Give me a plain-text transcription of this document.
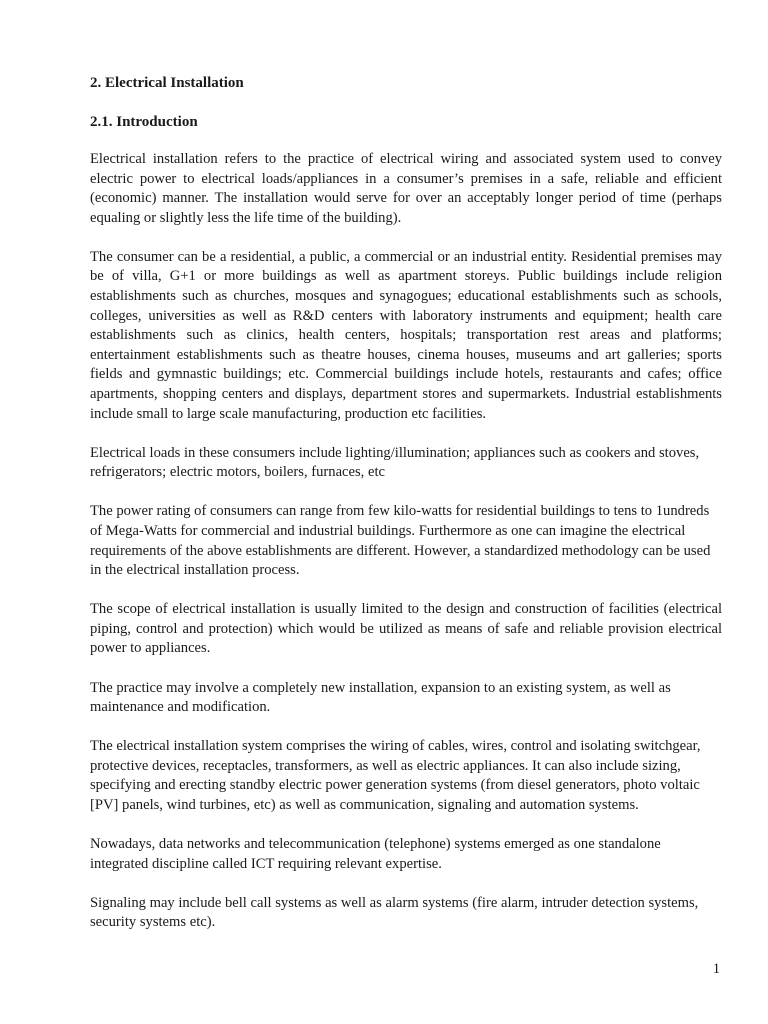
2. Electrical Installation

2.1. Introduction

Electrical installation refers to the practice of electrical wiring and associated system used to convey electric power to electrical loads/appliances in a consumer’s premises in a safe, reliable and efficient (economic) manner. The installation would serve for over an acceptably longer period of time (perhaps equaling or slightly less the life time of the building).

The consumer can be a residential, a public, a commercial or an industrial entity. Residential premises may be of villa, G+1 or more buildings as well as apartment storeys. Public buildings include religion establishments such as churches, mosques and synagogues; educational establishments such as schools, colleges, universities as well as R&D centers with laboratory instruments and equipment; health care establishments such as clinics, health centers, hospitals; transportation rest areas and platforms; entertainment establishments such as theatre houses, cinema houses, museums and art galleries; sports fields and gymnastic buildings; etc. Commercial buildings include hotels, restaurants and cafes; office apartments, shopping centers and displays, department stores and supermarkets. Industrial establishments include small to large scale manufacturing, production etc facilities.

Electrical loads in these consumers include lighting/illumination; appliances such as cookers and stoves, refrigerators; electric motors, boilers, furnaces, etc

The power rating of consumers can range from few kilo-watts for residential buildings to tens to 1undreds of Mega-Watts for commercial and industrial buildings. Furthermore as one can imagine the electrical requirements of the above establishments are different. However, a standardized methodology can be used in the electrical installation process.

The scope of electrical installation is usually limited to the design and construction of facilities (electrical piping, control and protection) which would be utilized as means of safe and reliable provision electrical power to appliances.

The practice may involve a completely new installation, expansion to an existing system, as well as maintenance and modification.

The electrical installation system comprises the wiring of cables, wires, control and isolating switchgear, protective devices, receptacles, transformers, as well as electric appliances. It can also include sizing, specifying and erecting standby electric power generation systems (from diesel generators, photo voltaic [PV] panels, wind turbines, etc) as well as communication, signaling and automation systems.

Nowadays, data networks and telecommunication (telephone) systems emerged as one standalone integrated discipline called ICT requiring relevant expertise.

Signaling may include bell call systems as well as alarm systems (fire alarm, intruder detection systems, security systems etc).

1
